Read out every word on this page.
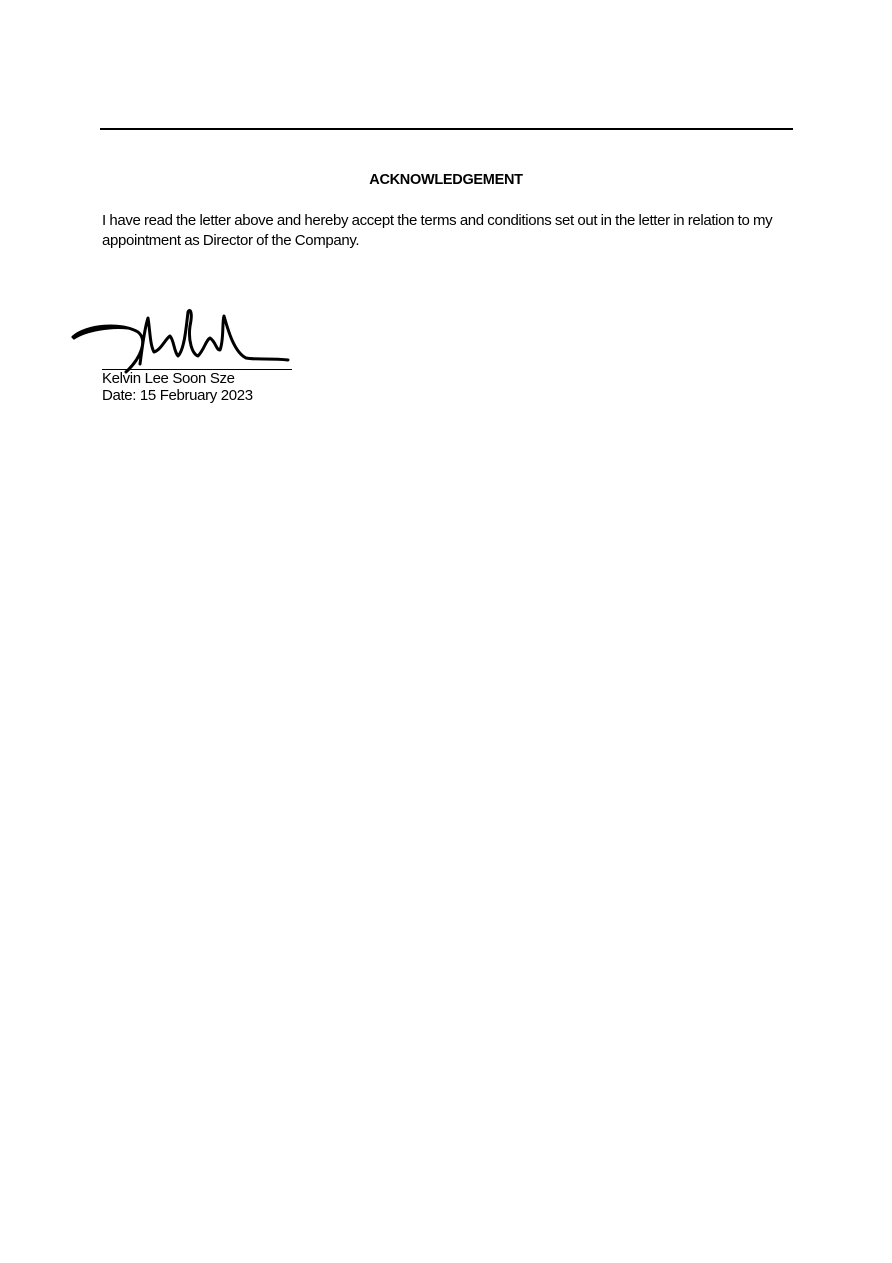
ACKNOWLEDGEMENT
I have read the letter above and hereby accept the terms and conditions set out in the letter in relation to my appointment as Director of the Company.
Kelvin Lee Soon Sze
Date: 15 February 2023
